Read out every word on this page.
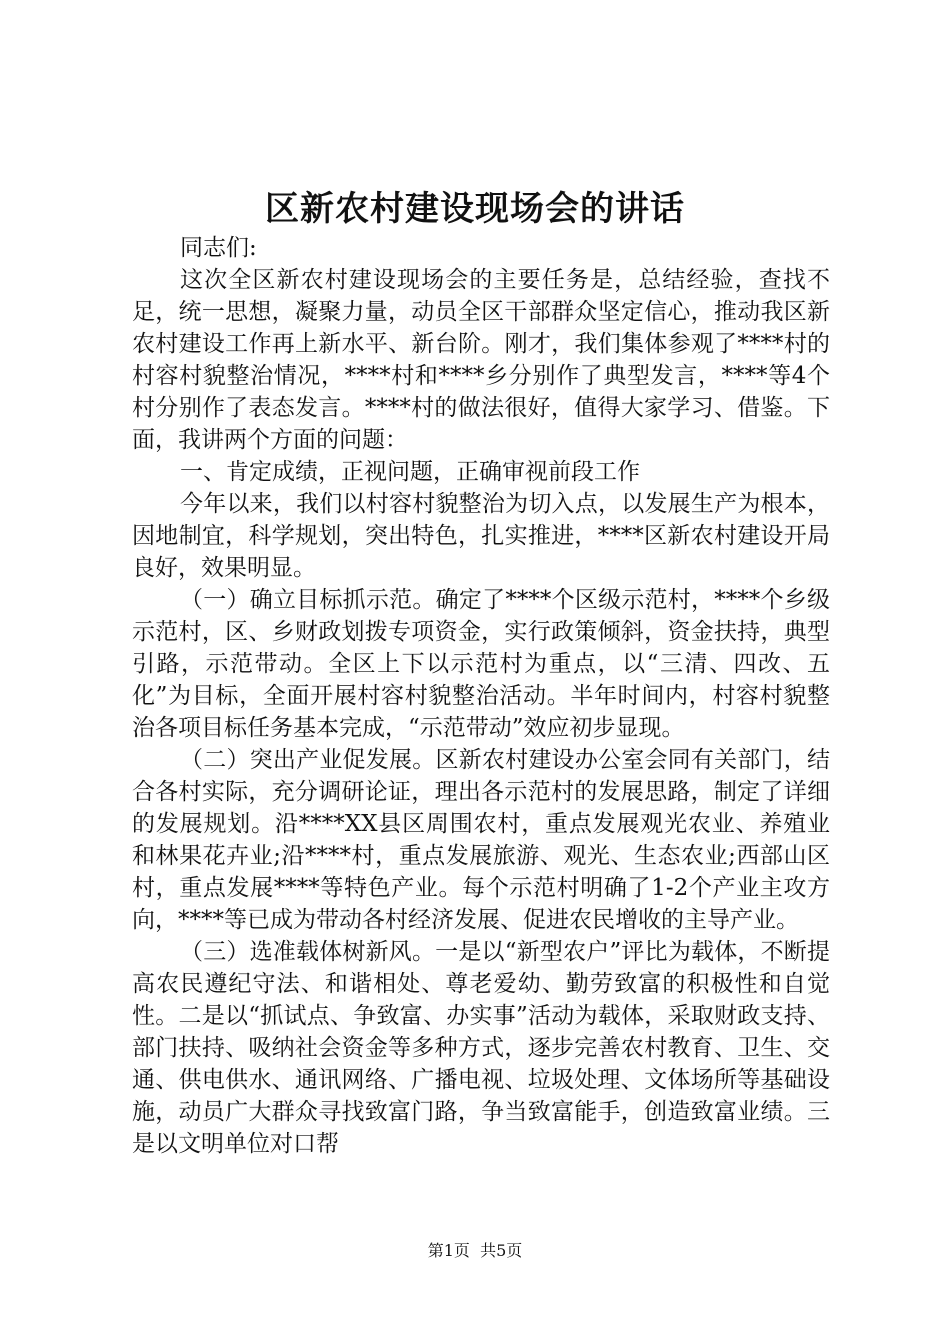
区新农村建设现场会的讲话

同志们:

这次全区新农村建设现场会的主要任务是，总结经验，查找不足，统一思想，凝聚力量，动员全区干部群众坚定信心，推动我区新农村建设工作再上新水平、新台阶。刚才，我们集体参观了****村的村容村貌整治情况，****村和****乡分别作了典型发言，****等4个村分别作了表态发言。****村的做法很好，值得大家学习、借鉴。下面，我讲两个方面的问题：

一、肯定成绩，正视问题，正确审视前段工作

今年以来，我们以村容村貌整治为切入点，以发展生产为根本，因地制宜，科学规划，突出特色，扎实推进，****区新农村建设开局良好，效果明显。

（一）确立目标抓示范。确定了****个区级示范村，****个乡级示范村，区、乡财政划拨专项资金，实行政策倾斜，资金扶持，典型引路，示范带动。全区上下以示范村为重点，以“三清、四改、五化”为目标，全面开展村容村貌整治活动。半年时间内，村容村貌整治各项目标任务基本完成，“示范带动”效应初步显现。

（二）突出产业促发展。区新农村建设办公室会同有关部门，结合各村实际，充分调研论证，理出各示范村的发展思路，制定了详细的发展规划。沿****XX县区周围农村，重点发展观光农业、养殖业和林果花卉业;沿****村，重点发展旅游、观光、生态农业;西部山区村，重点发展****等特色产业。每个示范村明确了1-2个产业主攻方向，****等已成为带动各村经济发展、促进农民增收的主导产业。

（三）选准载体树新风。一是以“新型农户”评比为载体，不断提高农民遵纪守法、和谐相处、尊老爱幼、勤劳致富的积极性和自觉性。二是以“抓试点、争致富、办实事”活动为载体，采取财政支持、部门扶持、吸纳社会资金等多种方式，逐步完善农村教育、卫生、交通、供电供水、通讯网络、广播电视、垃圾处理、文体场所等基础设施，动员广大群众寻找致富门路，争当致富能手，创造致富业绩。三是以文明单位对口帮

第1页  共5页
